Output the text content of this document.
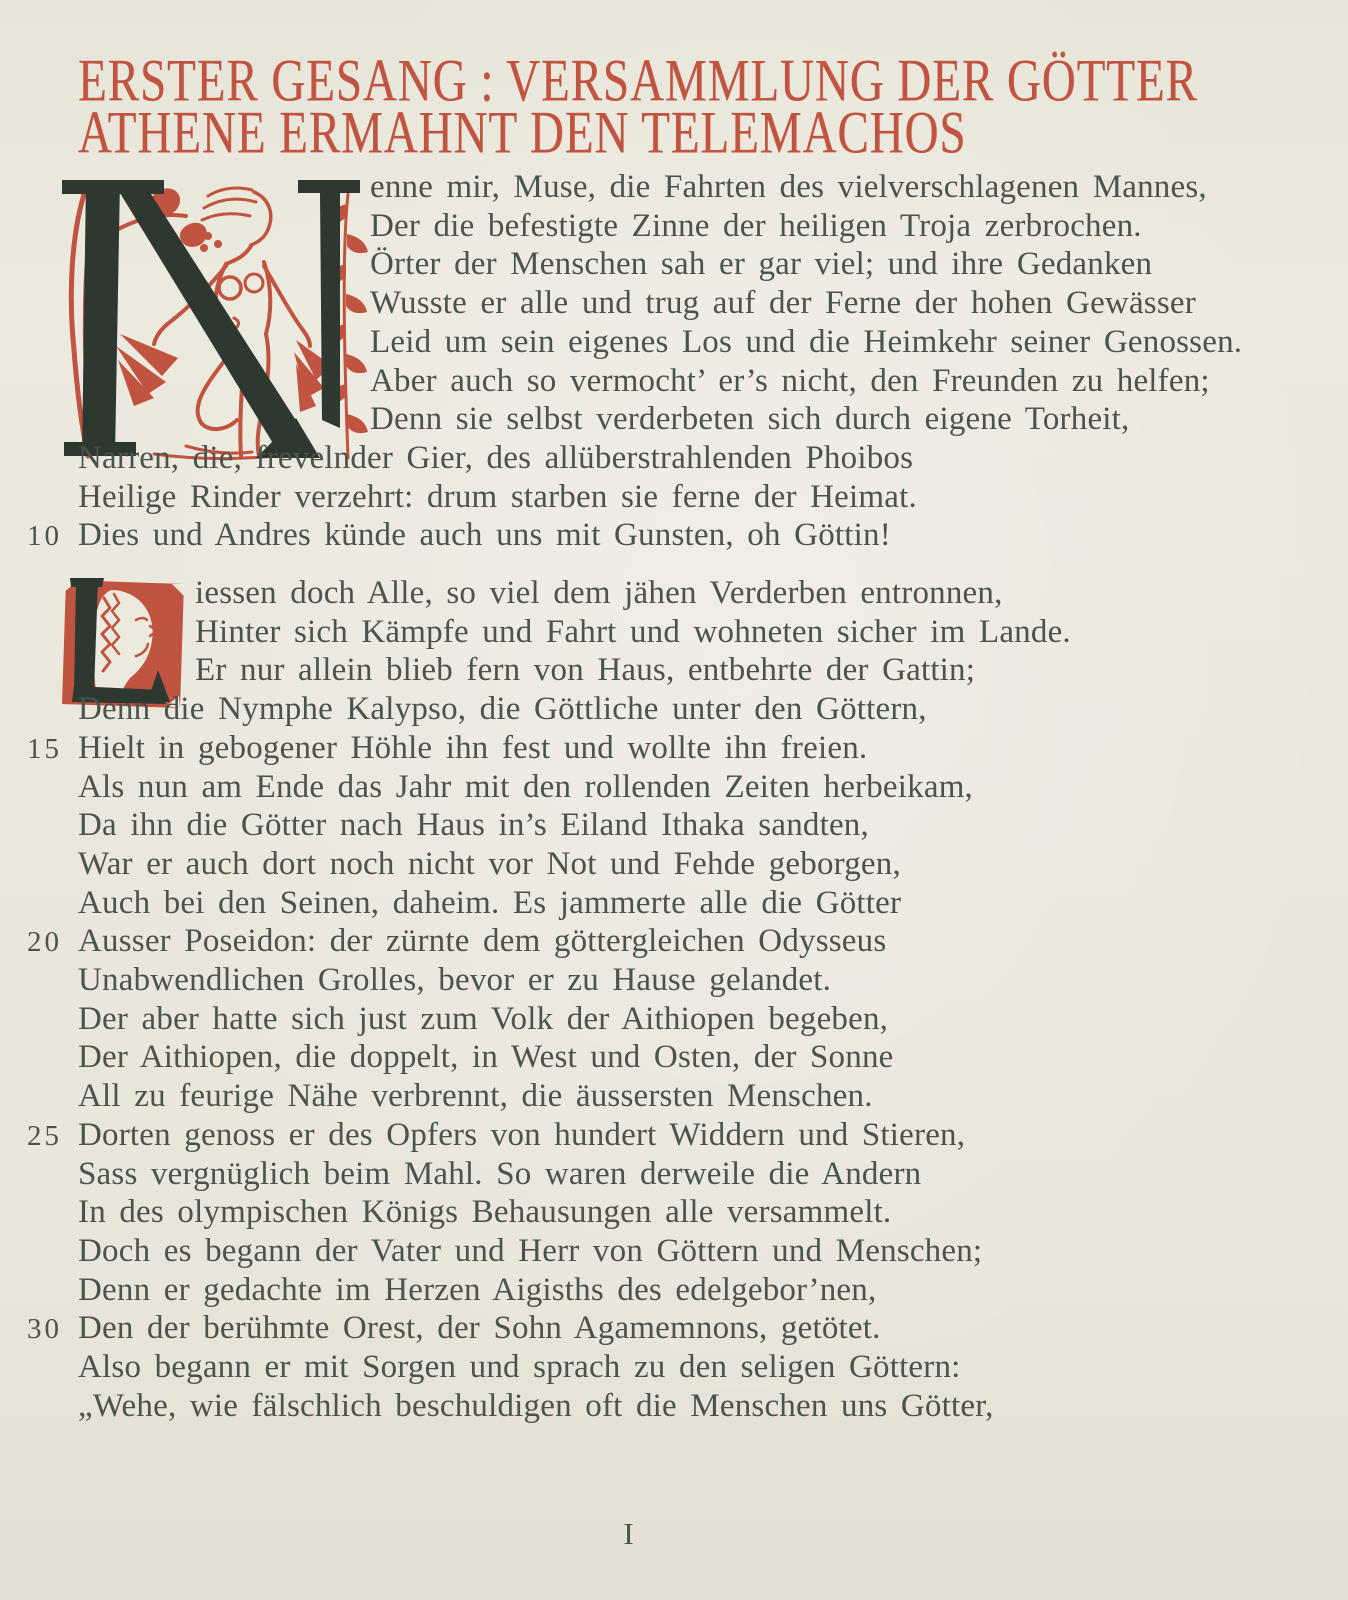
ERSTER GESANG : VERSAMMLUNG DER GÖTTER
ATHENE ERMAHNT DEN TELEMACHOS
enne mir, Muse, die Fahrten des vielverschlagenen Mannes,
Der die befestigte Zinne der heiligen Troja zerbrochen.
Örter der Menschen sah er gar viel; und ihre Gedanken
Wusste er alle und trug auf der Ferne der hohen Gewässer
Leid um sein eigenes Los und die Heimkehr seiner Genossen.
Aber auch so vermocht’ er’s nicht, den Freunden zu helfen;
Denn sie selbst verderbeten sich durch eigene Torheit,
Narren, die, frevelnder Gier, des allüberstrahlenden Phoibos
Heilige Rinder verzehrt: drum starben sie ferne der Heimat.
10 Dies und Andres künde auch uns mit Gunsten, oh Göttin!
iessen doch Alle, so viel dem jähen Verderben entronnen,
Hinter sich Kämpfe und Fahrt und wohneten sicher im Lande.
Er nur allein blieb fern von Haus, entbehrte der Gattin;
Denn die Nymphe Kalypso, die Göttliche unter den Göttern,
15 Hielt in gebogener Höhle ihn fest und wollte ihn freien.
Als nun am Ende das Jahr mit den rollenden Zeiten herbeikam,
Da ihn die Götter nach Haus in’s Eiland Ithaka sandten,
War er auch dort noch nicht vor Not und Fehde geborgen,
Auch bei den Seinen, daheim. Es jammerte alle die Götter
20 Ausser Poseidon: der zürnte dem göttergleichen Odysseus
Unabwendlichen Grolles, bevor er zu Hause gelandet.
Der aber hatte sich just zum Volk der Aithiopen begeben,
Der Aithiopen, die doppelt, in West und Osten, der Sonne
All zu feurige Nähe verbrennt, die äussersten Menschen.
25 Dorten genoss er des Opfers von hundert Widdern und Stieren,
Sass vergnüglich beim Mahl. So waren derweile die Andern
In des olympischen Königs Behausungen alle versammelt.
Doch es begann der Vater und Herr von Göttern und Menschen;
Denn er gedachte im Herzen Aigisths des edelgebor’nen,
30 Den der berühmte Orest, der Sohn Agamemnons, getötet.
Also begann er mit Sorgen und sprach zu den seligen Göttern:
„Wehe, wie fälschlich beschuldigen oft die Menschen uns Götter,
I
